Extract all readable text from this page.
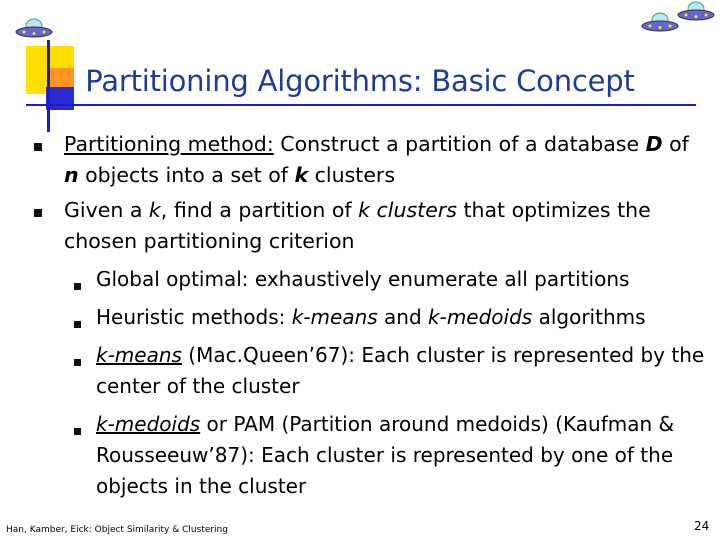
Partitioning Algorithms: Basic Concept

Partitioning method: Construct a partition of a database D of n objects into a set of k clusters

Given a k, find a partition of k clusters that optimizes the chosen partitioning criterion

Global optimal: exhaustively enumerate all partitions

Heuristic methods: k-means and k-medoids algorithms

k-means (Mac.Queen’67): Each cluster is represented by the center of the cluster

k-medoids or PAM (Partition around medoids) (Kaufman & Rousseeuw’87): Each cluster is represented by one of the objects in the cluster

Han, Kamber, Eick: Object Similarity & Clustering	24
